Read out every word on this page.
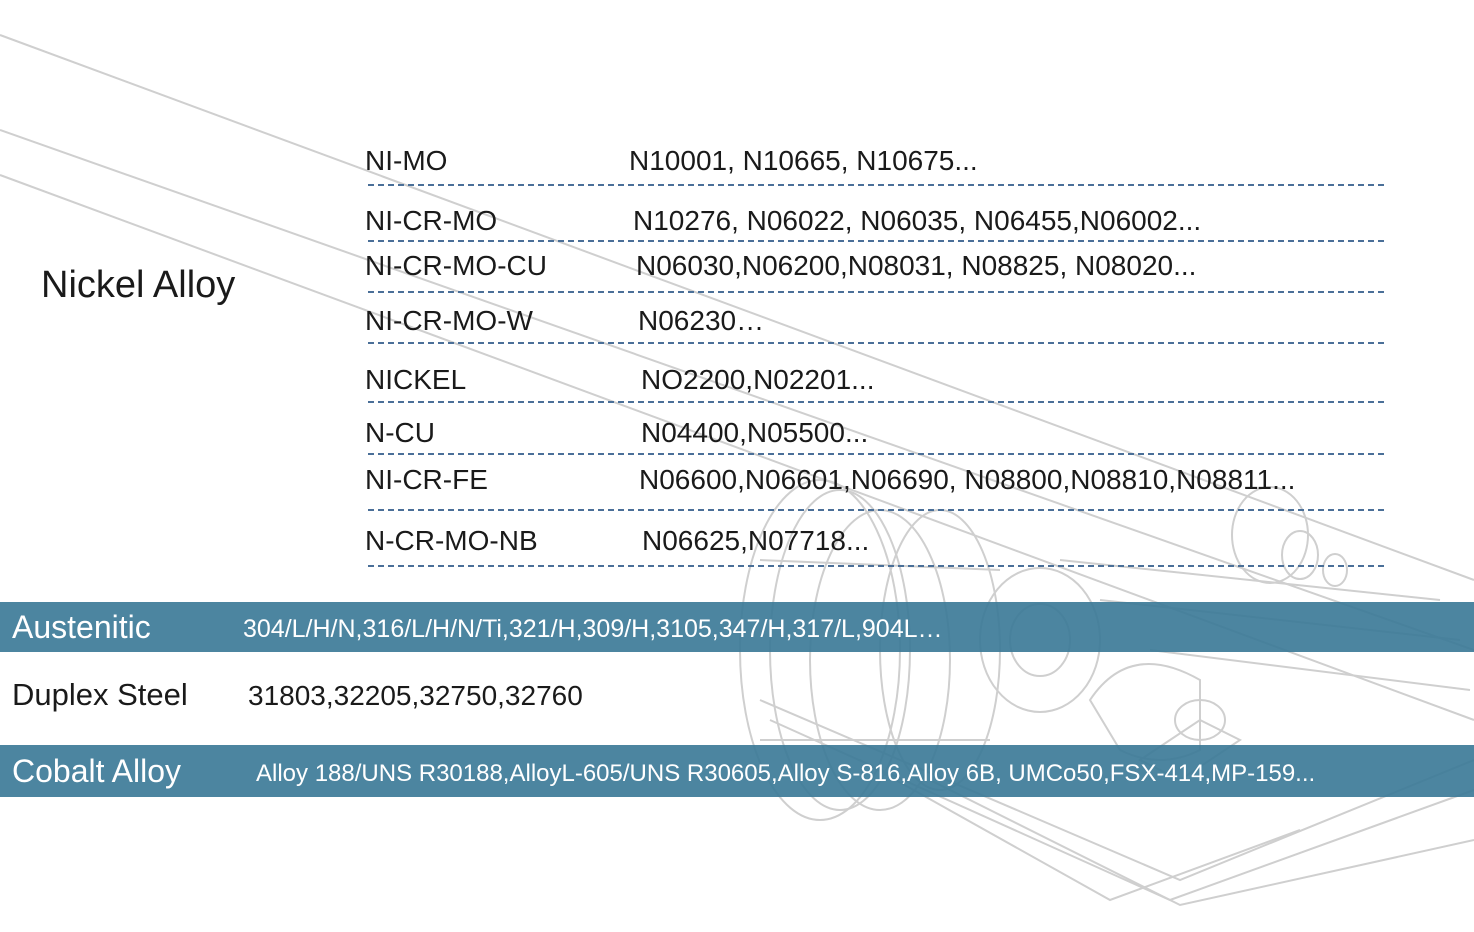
Nickel Alloy
NI-MO	N10001, N10665, N10675...
NI-CR-MO	N10276, N06022, N06035, N06455,N06002...
NI-CR-MO-CU	N06030,N06200,N08031, N08825, N08020...
NI-CR-MO-W	N06230…
NICKEL	NO2200,N02201...
N-CU	N04400,N05500...
NI-CR-FE	N06600,N06601,N06690, N08800,N08810,N08811...
N-CR-MO-NB	N06625,N07718...
Austenitic	304/L/H/N,316/L/H/N/Ti,321/H,309/H,3105,347/H,317/L,904L…
Duplex Steel 31803,32205,32750,32760
Cobalt Alloy	Alloy 188/UNS R30188,AlloyL-605/UNS R30605,Alloy S-816,Alloy 6B, UMCo50,FSX-414,MP-159...
